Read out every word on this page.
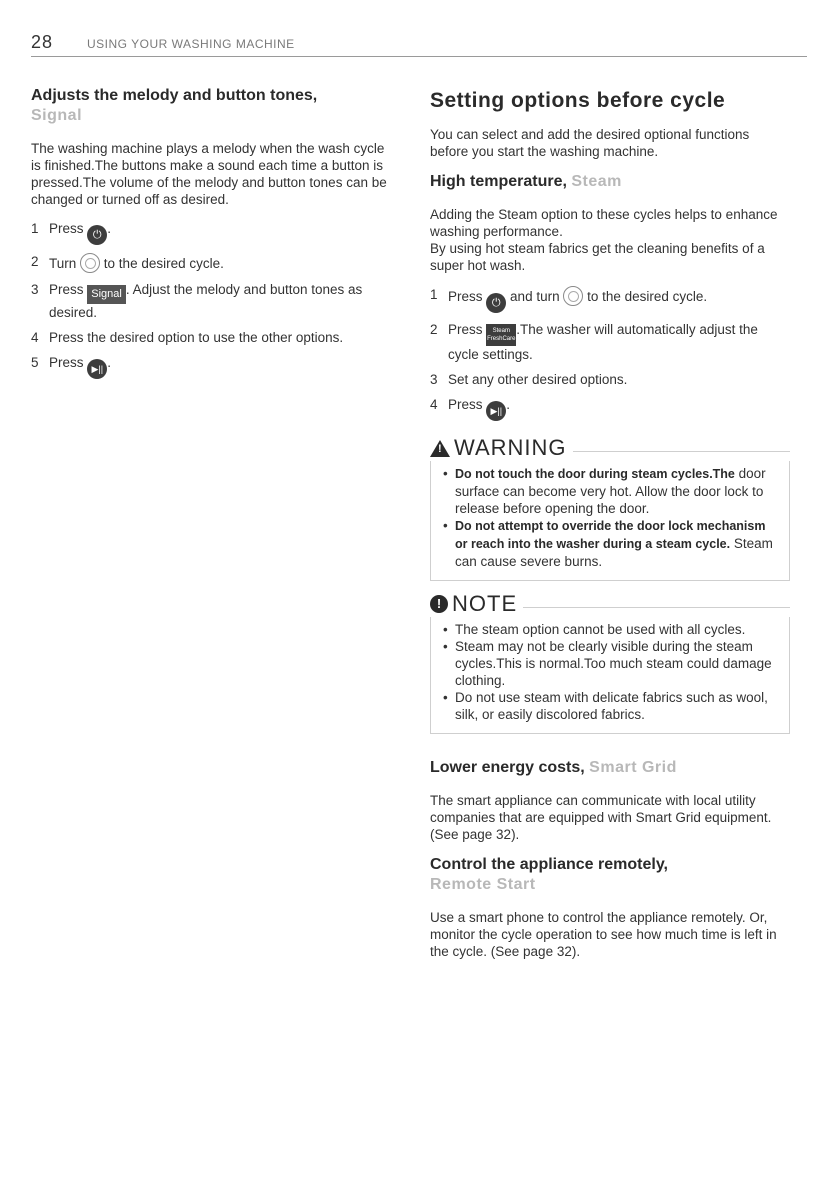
28	USING YOUR WASHING MACHINE
Adjusts the melody and button tones,
Signal

The washing machine plays a melody when the wash cycle is finished.The buttons make a sound each time a button is pressed.The volume of the melody and button tones can be changed or turned off as desired.

1 Press ⏻ .
2 Turn to the desired cycle.
3 Press Signal . Adjust the melody and button tones as desired.
4 Press the desired option to use the other options.
5 Press ▶|| .
Setting options before cycle

You can select and add the desired optional functions before you start the washing machine.

High temperature, Steam

Adding the Steam option to these cycles helps to enhance washing performance.

By using hot steam fabrics get the cleaning benefits of a super hot wash.

1 Press ⏻ and turn to the desired cycle.
2 Press Steam
FreshCare.The washer will automatically adjust the cycle settings.
3 Set any other desired options.
4 Press ▶|| .
!
WARNING
• Do not touch the door during steam cycles.The door surface can become very hot. Allow the door lock to release before opening the door.
• Do not attempt to override the door lock mechanism or reach into the washer during a steam cycle. Steam can cause severe burns.
! NOTE
• The steam option cannot be used with all cycles.
• Steam may not be clearly visible during the steam cycles.This is normal.Too much steam could damage clothing.
• Do not use steam with delicate fabrics such as wool, silk, or easily discolored fabrics.
Lower energy costs, Smart Grid

The smart appliance can communicate with local utility companies that are equipped with Smart Grid equipment. (See page 32).

Control the appliance remotely,
Remote Start

Use a smart phone to control the appliance remotely. Or, monitor the cycle operation to see how much time is left in the cycle. (See page 32).
